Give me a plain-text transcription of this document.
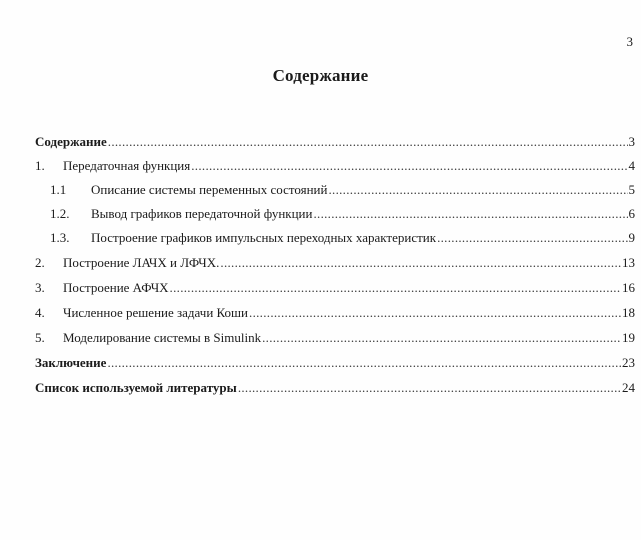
3
Содержание
Содержание .....	3
1.	Передаточная функция .....	4
1.1	Описание системы переменных состояний .....	5
1.2.	Вывод графиков передаточной функции .....	6
1.3.	Построение графиков импульсных переходных характеристик .....	9
2.	Построение ЛАЧХ и ЛФЧХ. .....	13
3.	Построение АФЧХ .....	16
4.	Численное решение задачи Коши .....	18
5.	Моделирование системы в Simulink .....	19
Заключение .....	23
Список используемой литературы .....	24
